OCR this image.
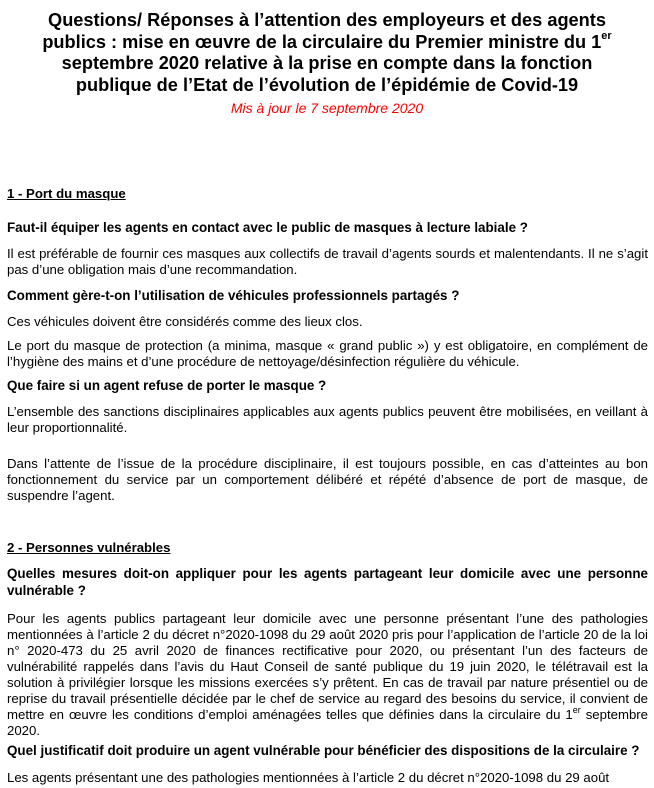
Questions/ Réponses à l’attention des employeurs et des agents publics : mise en œuvre de la circulaire du Premier ministre du 1er septembre 2020 relative à la prise en compte dans la fonction publique de l’Etat de l’évolution de l’épidémie de Covid-19

Mis à jour le 7 septembre 2020

1 - Port du masque

Faut-il équiper les agents en contact avec le public de masques à lecture labiale ?

Il est préférable de fournir ces masques aux collectifs de travail d’agents sourds et malentendants. Il ne s’agit pas d’une obligation mais d’une recommandation.

Comment gère-t-on l’utilisation de véhicules professionnels partagés ?

Ces véhicules doivent être considérés comme des lieux clos.

Le port du masque de protection (a minima, masque « grand public ») y est obligatoire, en complément de l’hygiène des mains et d’une procédure de nettoyage/désinfection régulière du véhicule.

Que faire si un agent refuse de porter le masque ?

L’ensemble des sanctions disciplinaires applicables aux agents publics peuvent être mobilisées, en veillant à leur proportionnalité.

Dans l’attente de l’issue de la procédure disciplinaire, il est toujours possible, en cas d’atteintes au bon fonctionnement du service par un comportement délibéré et répété d’absence de port de masque, de suspendre l’agent.

2 - Personnes vulnérables

Quelles mesures doit-on appliquer pour les agents partageant leur domicile avec une personne vulnérable ?

Pour les agents publics partageant leur domicile avec une personne présentant l’une des pathologies mentionnées à l’article 2 du décret n°2020-1098 du 29 août 2020 pris pour l’application de l’article 20 de la loi n° 2020-473 du 25 avril 2020 de finances rectificative pour 2020, ou présentant l’un des facteurs de vulnérabilité rappelés dans l’avis du Haut Conseil de santé publique du 19 juin 2020, le télétravail est la solution à privilégier lorsque les missions exercées s’y prêtent. En cas de travail par nature présentiel ou de reprise du travail présentielle décidée par le chef de service au regard des besoins du service, il convient de mettre en œuvre les conditions d’emploi aménagées telles que définies dans la circulaire du 1er septembre 2020.

Quel justificatif doit produire un agent vulnérable pour bénéficier des dispositions de la circulaire ?

Les agents présentant une des pathologies mentionnées à l’article 2 du décret n°2020-1098 du 29 août
